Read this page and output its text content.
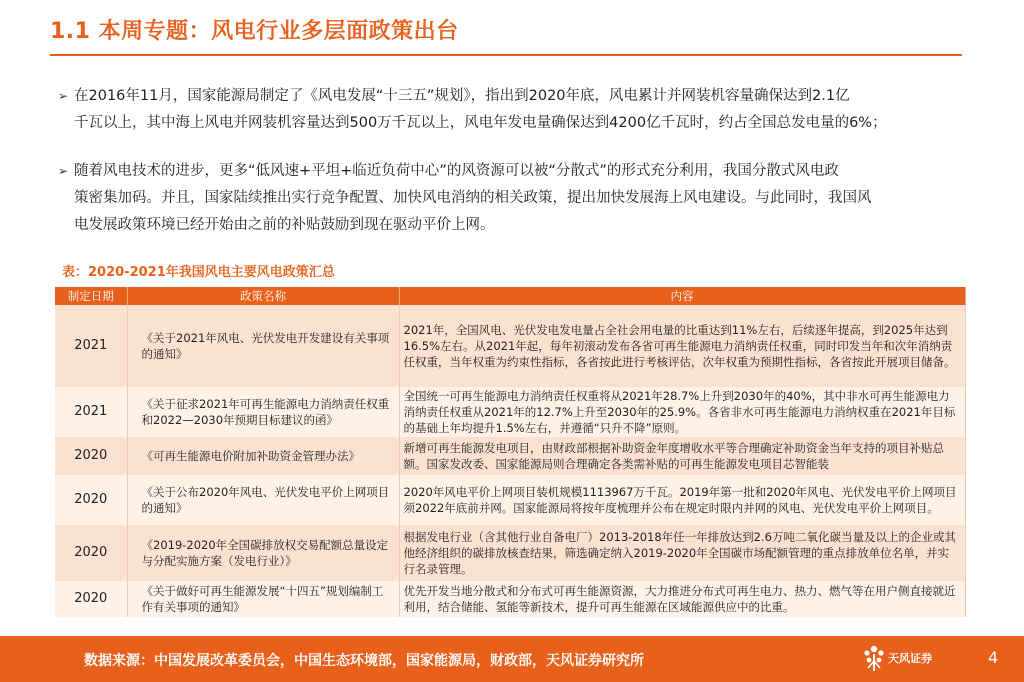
1.1 本周专题：风电行业多层面政策出台
➢ 在2016年11月，国家能源局制定了《风电发展“十三五”规划》，指出到2020年底，风电累计并网装机容量确保达到2.1亿
千瓦以上，其中海上风电并网装机容量达到500万千瓦以上，风电年发电量确保达到4200亿千瓦时，约占全国总发电量的6%；
➢ 随着风电技术的进步，更多“低风速+平坦+临近负荷中心”的风资源可以被“分散式”的形式充分利用，我国分散式风电政
策密集加码。并且，国家陆续推出实行竞争配置、加快风电消纳的相关政策，提出加快发展海上风电建设。与此同时，我国风
电发展政策环境已经开始由之前的补贴鼓励到现在驱动平价上网。
表：2020-2021年我国风电主要风电政策汇总
制定日期	政策名称	内容
2021	《关于2021年风电、光伏发电开发建设有关事项的通知》	2021年，全国风电、光伏发电发电量占全社会用电量的比重达到11%左右，后续逐年提高，到2025年达到16.5%左右。从2021年起，每年初滚动发布各省可再生能源电力消纳责任权重，同时印发当年和次年消纳责任权重，当年权重为约束性指标，各省按此进行考核评估，次年权重为预期性指标，各省按此开展项目储备。
2021	《关于征求2021年可再生能源电力消纳责任权重和2022—2030年预期目标建议的函》	全国统一可再生能源电力消纳责任权重将从2021年28.7%上升到2030年的40%，其中非水可再生能源电力消纳责任权重从2021年的12.7%上升至2030年的25.9%。各省非水可再生能源电力消纳权重在2021年目标的基础上年均提升1.5%左右，并遵循“只升不降”原则。
2020	《可再生能源电价附加补助资金管理办法》	新增可再生能源发电项目，由财政部根据补助资金年度增收水平等合理确定补助资金当年支持的项目补贴总额。国家发改委、国家能源局则合理确定各类需补贴的可再生能源发电项目芯智能装

2020	《关于公布2020年风电、光伏发电平价上网项目的通知》	2020年风电平价上网项目装机规模1113967万千瓦。2019年第一批和2020年风电、光伏发电平价上网项目须2022年底前并网。国家能源局将按年度梳理并公布在规定时限内并网的风电、光伏发电平价上网项目。
2020	《2019-2020年全国碳排放权交易配额总量设定与分配实施方案（发电行业）》	根据发电行业（含其他行业自备电厂）2013-2018年任一年排放达到2.6万吨二氧化碳当量及以上的企业或其他经济组织的碳排放核查结果，筛选确定纳入2019-2020年全国碳市场配额管理的重点排放单位名单，并实行名录管理。
2020	《关于做好可再生能源发展“十四五”规划编制工作有关事项的通知》	优先开发当地分散式和分布式可再生能源资源，大力推进分布式可再生电力、热力、燃气等在用户侧直接就近利用，结合储能、氢能等新技术，提升可再生能源在区域能源供应中的比重。
数据来源：中国发展改革委员会，中国生态环境部，国家能源局，财政部，天风证券研究所	天风证券	4
